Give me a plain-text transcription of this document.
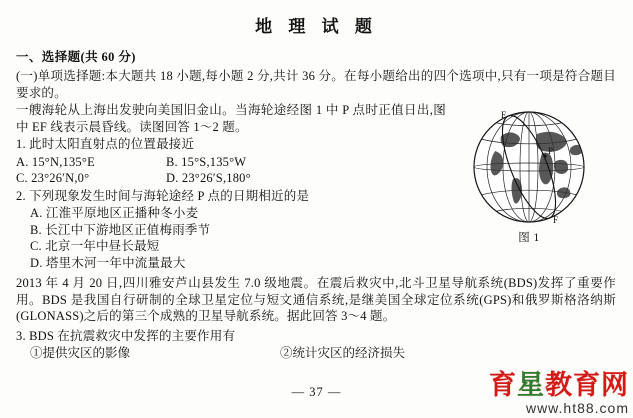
地 理 试 题
一、选择题(共 60 分)
(一)单项选择题:本大题共 18 小题,每小题 2 分,共计 36 分。在每小题给出的四个选项中,只有一项是符合题目要求的。
一艘海轮从上海出发驶向美国旧金山。当海轮途经图 1 中 P 点时正值日出,图中 EF 线表示晨昏线。读图回答 1～2 题。
1. 此时太阳直射点的位置最接近
A. 15°N,135°E	B. 15°S,135°W
C. 23°26′N,0°	D. 23°26′S,180°
2. 下列现象发生时间与海轮途经 P 点的日期相近的是
A. 江淮平原地区正播种冬小麦
B. 长江中下游地区正值梅雨季节
C. 北京一年中昼长最短
D. 塔里木河一年中流量最大
E
F
P
图 1
2013 年 4 月 20 日,四川雅安芦山县发生 7.0 级地震。在震后救灾中,北斗卫星导航系统(BDS)发挥了重要作用。BDS 是我国自行研制的全球卫星定位与短文通信系统,是继美国全球定位系统(GPS)和俄罗斯格洛纳斯(GLONASS)之后的第三个成熟的卫星导航系统。据此回答 3～4 题。
3. BDS 在抗震救灾中发挥的主要作用有
①提供灾区的影像	②统计灾区的经济损失
— 37 —	育星教育网
www.ht88.com
